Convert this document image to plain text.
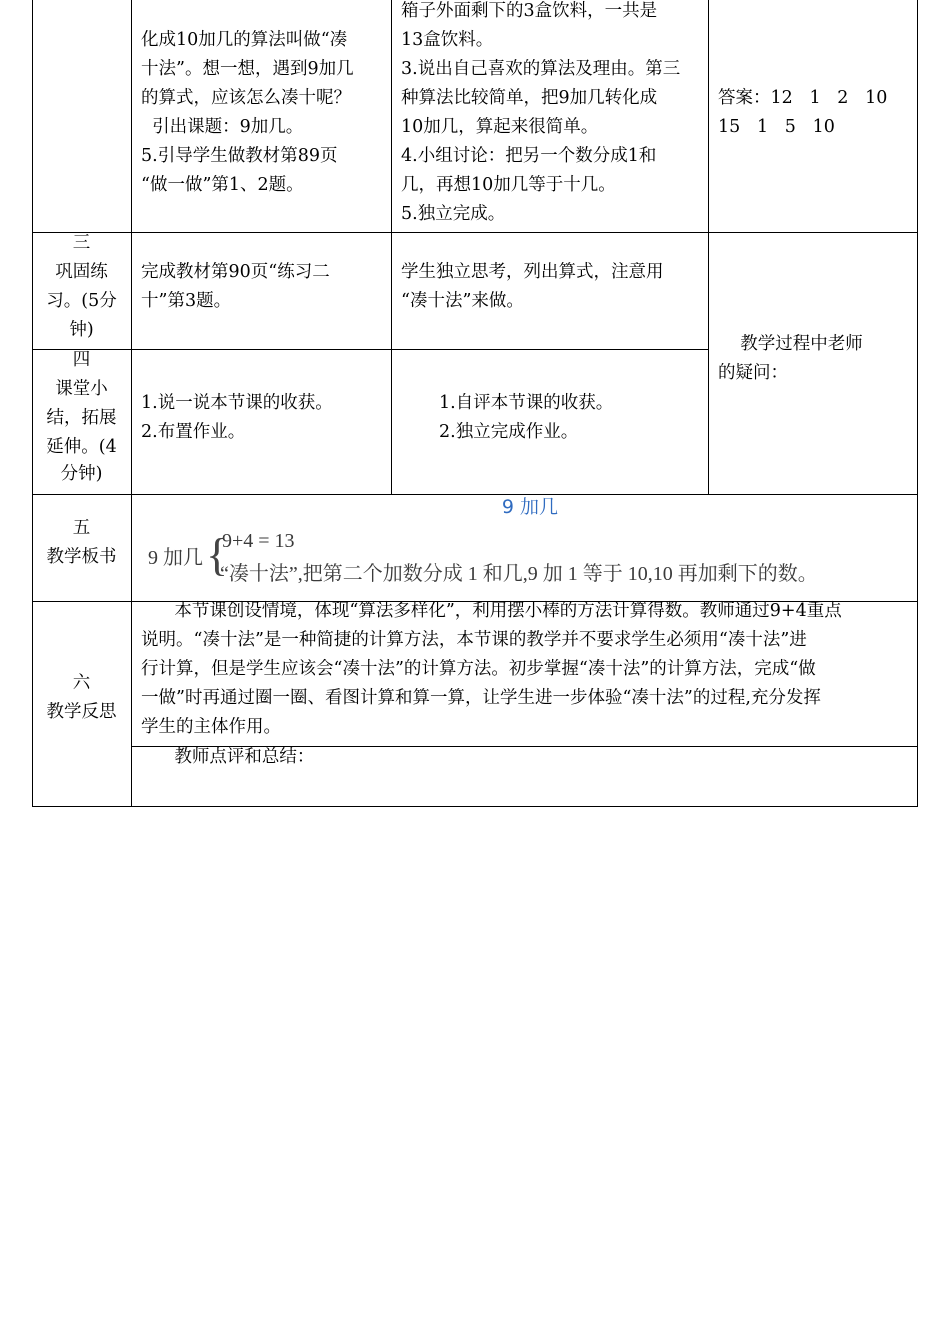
化成10加几的算法叫做“凑
十法”。想一想，遇到9加几
的算式，应该怎么凑十呢？
引出课题：9加几。
5.引导学生做教材第89页
“做一做”第1、2题。
箱子外面剩下的3盒饮料，一共是
13盒饮料。
3.说出自己喜欢的算法及理由。第三
种算法比较简单，把9加几转化成
10加几，算起来很简单。
4.小组讨论：把另一个数分成1和
几，再想10加几等于十几。
5.独立完成。
答案：12   1   2   10
15   1   5   10
三
巩固练
习。(5分
钟)
完成教材第90页“练习二
十”第3题。
学生独立思考，列出算式，注意用
“凑十法”来做。
教学过程中老师
的疑问：
四
课堂小
结，拓展
延伸。(4
分钟)
1.说一说本节课的收获。
2.布置作业。
1.自评本节课的收获。
2.独立完成作业。
五
教学板书	9 加几 {
9+4 = 13
“凑十法”,把第二个加数分成 1 和几,9 加 1 等于 10,10 再加剩下的数。
9 加几
六
教学反思
本节课创设情境，体现“算法多样化”，利用摆小棒的方法计算得数。教师通过9+4重点
说明。“凑十法”是一种简捷的计算方法，本节课的教学并不要求学生必须用“凑十法”进
行计算，但是学生应该会“凑十法”的计算方法。初步掌握“凑十法”的计算方法，完成“做
一做”时再通过圈一圈、看图计算和算一算，让学生进一步体验“凑十法”的过程,充分发挥
学生的主体作用。
教师点评和总结：
